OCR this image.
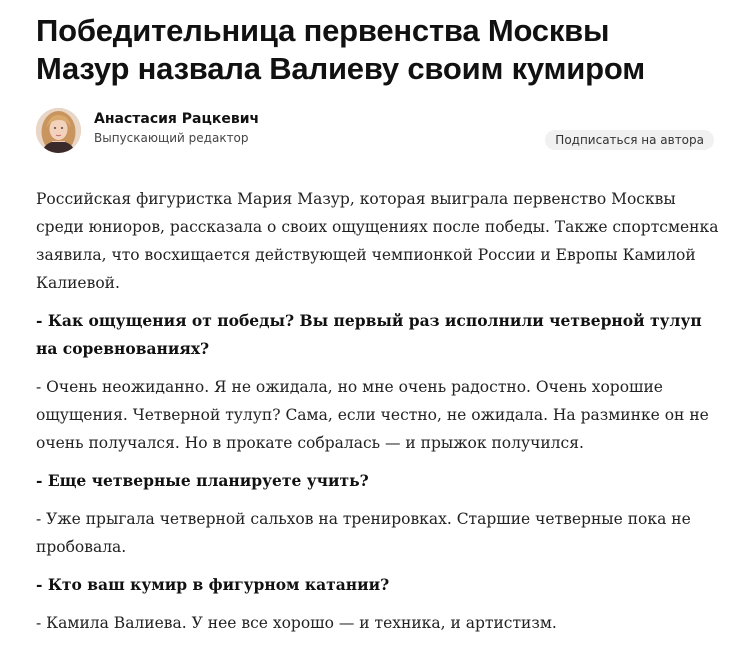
Победительница первенства Москвы
Мазур назвала Валиеву своим кумиром
Анастасия Рацкевич
Выпускающий редактор	Подписаться на автора

Российская фигуристка Мария Мазур, которая выиграла первенство Москвы среди юниоров, рассказала о своих ощущениях после победы. Также спортсменка заявила, что восхищается действующей чемпионкой России и Европы Камилой Калиевой.

- Как ощущения от победы? Вы первый раз исполнили четверной тулуп на соревнованиях?

- Очень неожиданно. Я не ожидала, но мне очень радостно. Очень хорошие ощущения. Четверной тулуп? Сама, если честно, не ожидала. На разминке он не очень получался. Но в прокате собралась — и прыжок получился.

- Еще четверные планируете учить?

- Уже прыгала четверной сальхов на тренировках. Старшие четверные пока не пробовала.

- Кто ваш кумир в фигурном катании?

- Камила Валиева. У нее все хорошо — и техника, и артистизм.
